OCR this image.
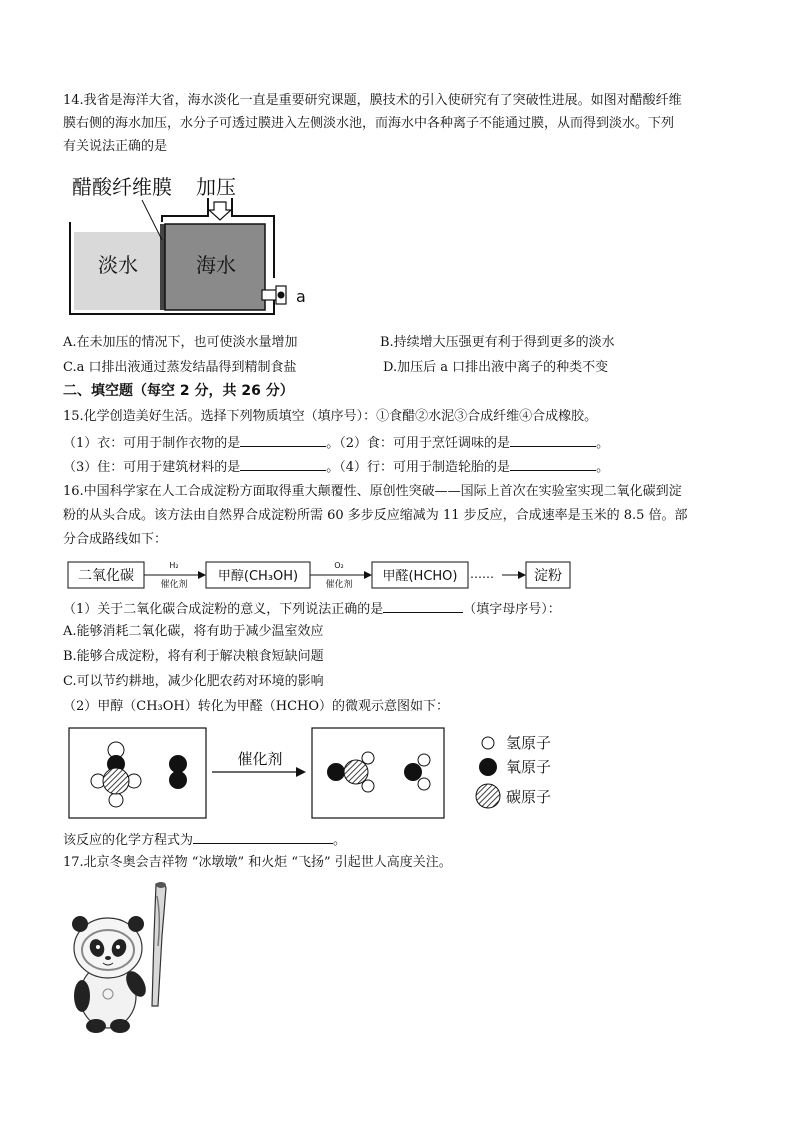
14.我省是海洋大省，海水淡化一直是重要研究课题，膜技术的引入使研究有了突破性进展。如图对醋酸纤维
膜右侧的海水加压，水分子可透过膜进入左侧淡水池，而海水中各种离子不能通过膜，从而得到淡水。下列
有关说法正确的是
醋酸纤维膜 加压
淡水	海水
a
A.在未加压的情况下，也可使淡水量增加	B.持续增大压强更有利于得到更多的淡水
C.a 口排出液通过蒸发结晶得到精制食盐	D.加压后 a 口排出液中离子的种类不变
二、填空题（每空 2 分，共 26 分）
15.化学创造美好生活。选择下列物质填空（填序号）：①食醋②水泥③合成纤维④合成橡胶。
（1）衣：可用于制作衣物的是	。（2）食：可用于烹饪调味的是	。
（3）住：可用于建筑材料的是	。（4）行：可用于制造轮胎的是	。
16.中国科学家在人工合成淀粉方面取得重大颠覆性、原创性突破——国际上首次在实验室实现二氧化碳到淀
粉的从头合成。该方法由自然界合成淀粉所需 60 多步反应缩减为 11 步反应，合成速率是玉米的 8.5 倍。部
分合成路线如下：
二氧化碳
H₂
催化剂
甲醇(CH₃OH)
O₂
催化剂
甲醛(HCHO) ……	淀粉
（1）关于二氧化碳合成淀粉的意义，下列说法正确的是	（填字母序号）：
A.能够消耗二氧化碳，将有助于减少温室效应
B.能够合成淀粉，将有利于解决粮食短缺问题
C.可以节约耕地，减少化肥农药对环境的影响
（2）甲醇（CH₃OH）转化为甲醛（HCHO）的微观示意图如下：
催化剂
氢原子
氧原子
碳原子
该反应的化学方程式为	。
17.北京冬奥会吉祥物 “冰墩墩” 和火炬 “飞扬” 引起世人高度关注。
